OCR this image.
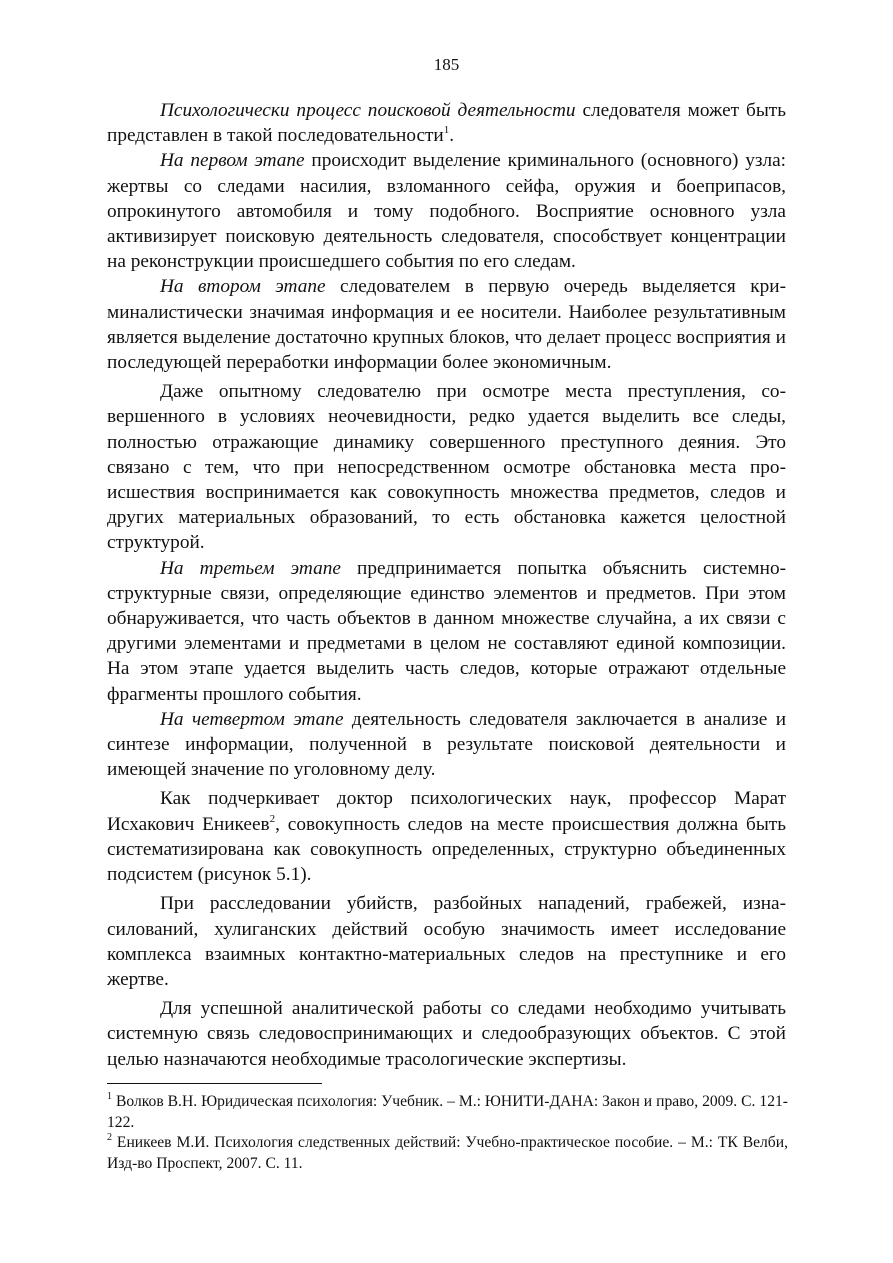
185

Психологически процесс поисковой деятельности следователя может быть представлен в такой последовательности$^1$.

На первом этапе происходит выделение криминального (основного) узла: жертвы со следами насилия, взломанного сейфа, оружия и боеприпасов, опрокинутого автомобиля и тому подобного. Восприятие основного узла активизирует поисковую деятельность следователя, способствует концентрации на реконструкции происшедшего события по его следам.

На втором этапе следователем в первую очередь выделяется криминалистически значимая информация и ее носители. Наиболее результативным является выделение достаточно крупных блоков, что делает процесс восприятия и последующей переработки информации более экономичным.

Даже опытному следователю при осмотре места преступления, совершенного в условиях неочевидности, редко удается выделить все следы, полностью отражающие динамику совершенного преступного деяния. Это связано с тем, что при непосредственном осмотре обстановка места происшествия воспринимается как совокупность множества предметов, следов и других материальных образований, то есть обстановка кажется целостной структурой.

На третьем этапе предпринимается попытка объяснить системно-структурные связи, определяющие единство элементов и предметов. При этом обнаруживается, что часть объектов в данном множестве случайна, а их связи с другими элементами и предметами в целом не составляют единой композиции. На этом этапе удается выделить часть следов, которые отражают отдельные фрагменты прошлого события.

На четвертом этапе деятельность следователя заключается в анализе и синтезе информации, полученной в результате поисковой деятельности и имеющей значение по уголовному делу.

Как подчеркивает доктор психологических наук, профессор Марат Исхакович Еникеев$^2$, совокупность следов на месте происшествия должна быть систематизирована как совокупность определенных, структурно объединенных подсистем (рисунок 5.1).

При расследовании убийств, разбойных нападений, грабежей, изнасилований, хулиганских действий особую значимость имеет исследование комплекса взаимных контактно-материальных следов на преступнике и его жертве.

Для успешной аналитической работы со следами необходимо учитывать системную связь следовоспринимающих и следообразующих объектов. С этой целью назначаются необходимые трасологические экспертизы.

$^1$ Волков В.Н. Юридическая психология: Учебник. – М.: ЮНИТИ-ДАНА: Закон и право, 2009. С. 121-122.

$^2$ Еникеев М.И. Психология следственных действий: Учебно-практическое пособие. – М.: ТК Велби, Изд-во Проспект, 2007. С. 11.
